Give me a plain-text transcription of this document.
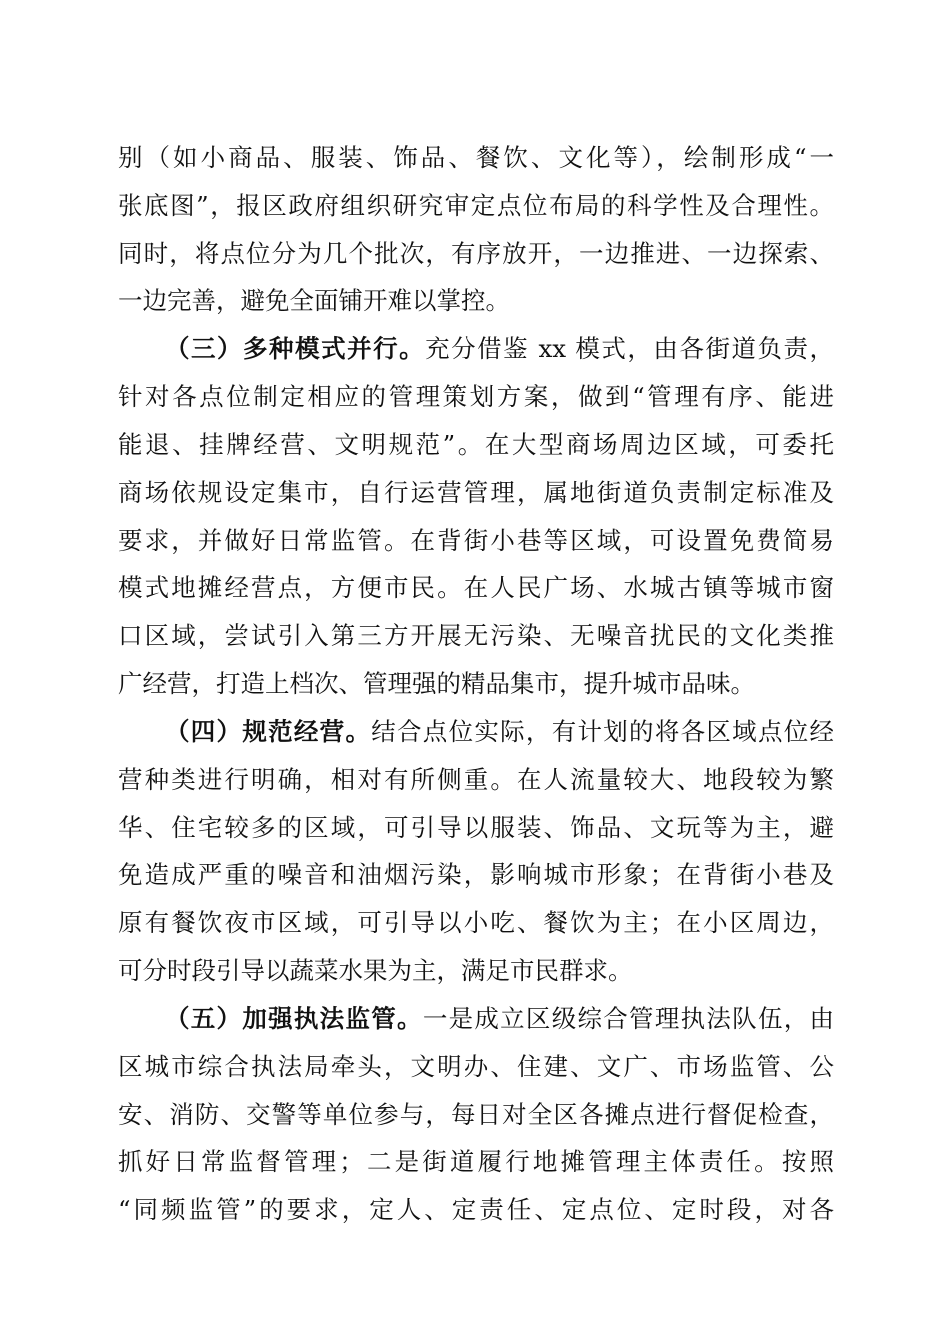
别（如小商品、服装、饰品、餐饮、文化等），绘制形成“一
张底图”，报区政府组织研究审定点位布局的科学性及合理性。
同时，将点位分为几个批次，有序放开，一边推进、一边探索、
一边完善，避免全面铺开难以掌控。
（三）多种模式并行。充分借鉴 xx 模式，由各街道负责，
针对各点位制定相应的管理策划方案，做到“管理有序、能进
能退、挂牌经营、文明规范”。在大型商场周边区域，可委托
商场依规设定集市，自行运营管理，属地街道负责制定标准及
要求，并做好日常监管。在背街小巷等区域，可设置免费简易
模式地摊经营点，方便市民。在人民广场、水城古镇等城市窗
口区域，尝试引入第三方开展无污染、无噪音扰民的文化类推
广经营，打造上档次、管理强的精品集市，提升城市品味。
（四）规范经营。结合点位实际，有计划的将各区域点位经
营种类进行明确，相对有所侧重。在人流量较大、地段较为繁
华、住宅较多的区域，可引导以服装、饰品、文玩等为主，避
免造成严重的噪音和油烟污染，影响城市形象；在背街小巷及
原有餐饮夜市区域，可引导以小吃、餐饮为主；在小区周边，
可分时段引导以蔬菜水果为主，满足市民群求。
（五）加强执法监管。一是成立区级综合管理执法队伍，由
区城市综合执法局牵头，文明办、住建、文广、市场监管、公
安、消防、交警等单位参与，每日对全区各摊点进行督促检查，
抓好日常监督管理；二是街道履行地摊管理主体责任。按照
“同频监管”的要求，定人、定责任、定点位、定时段，对各
